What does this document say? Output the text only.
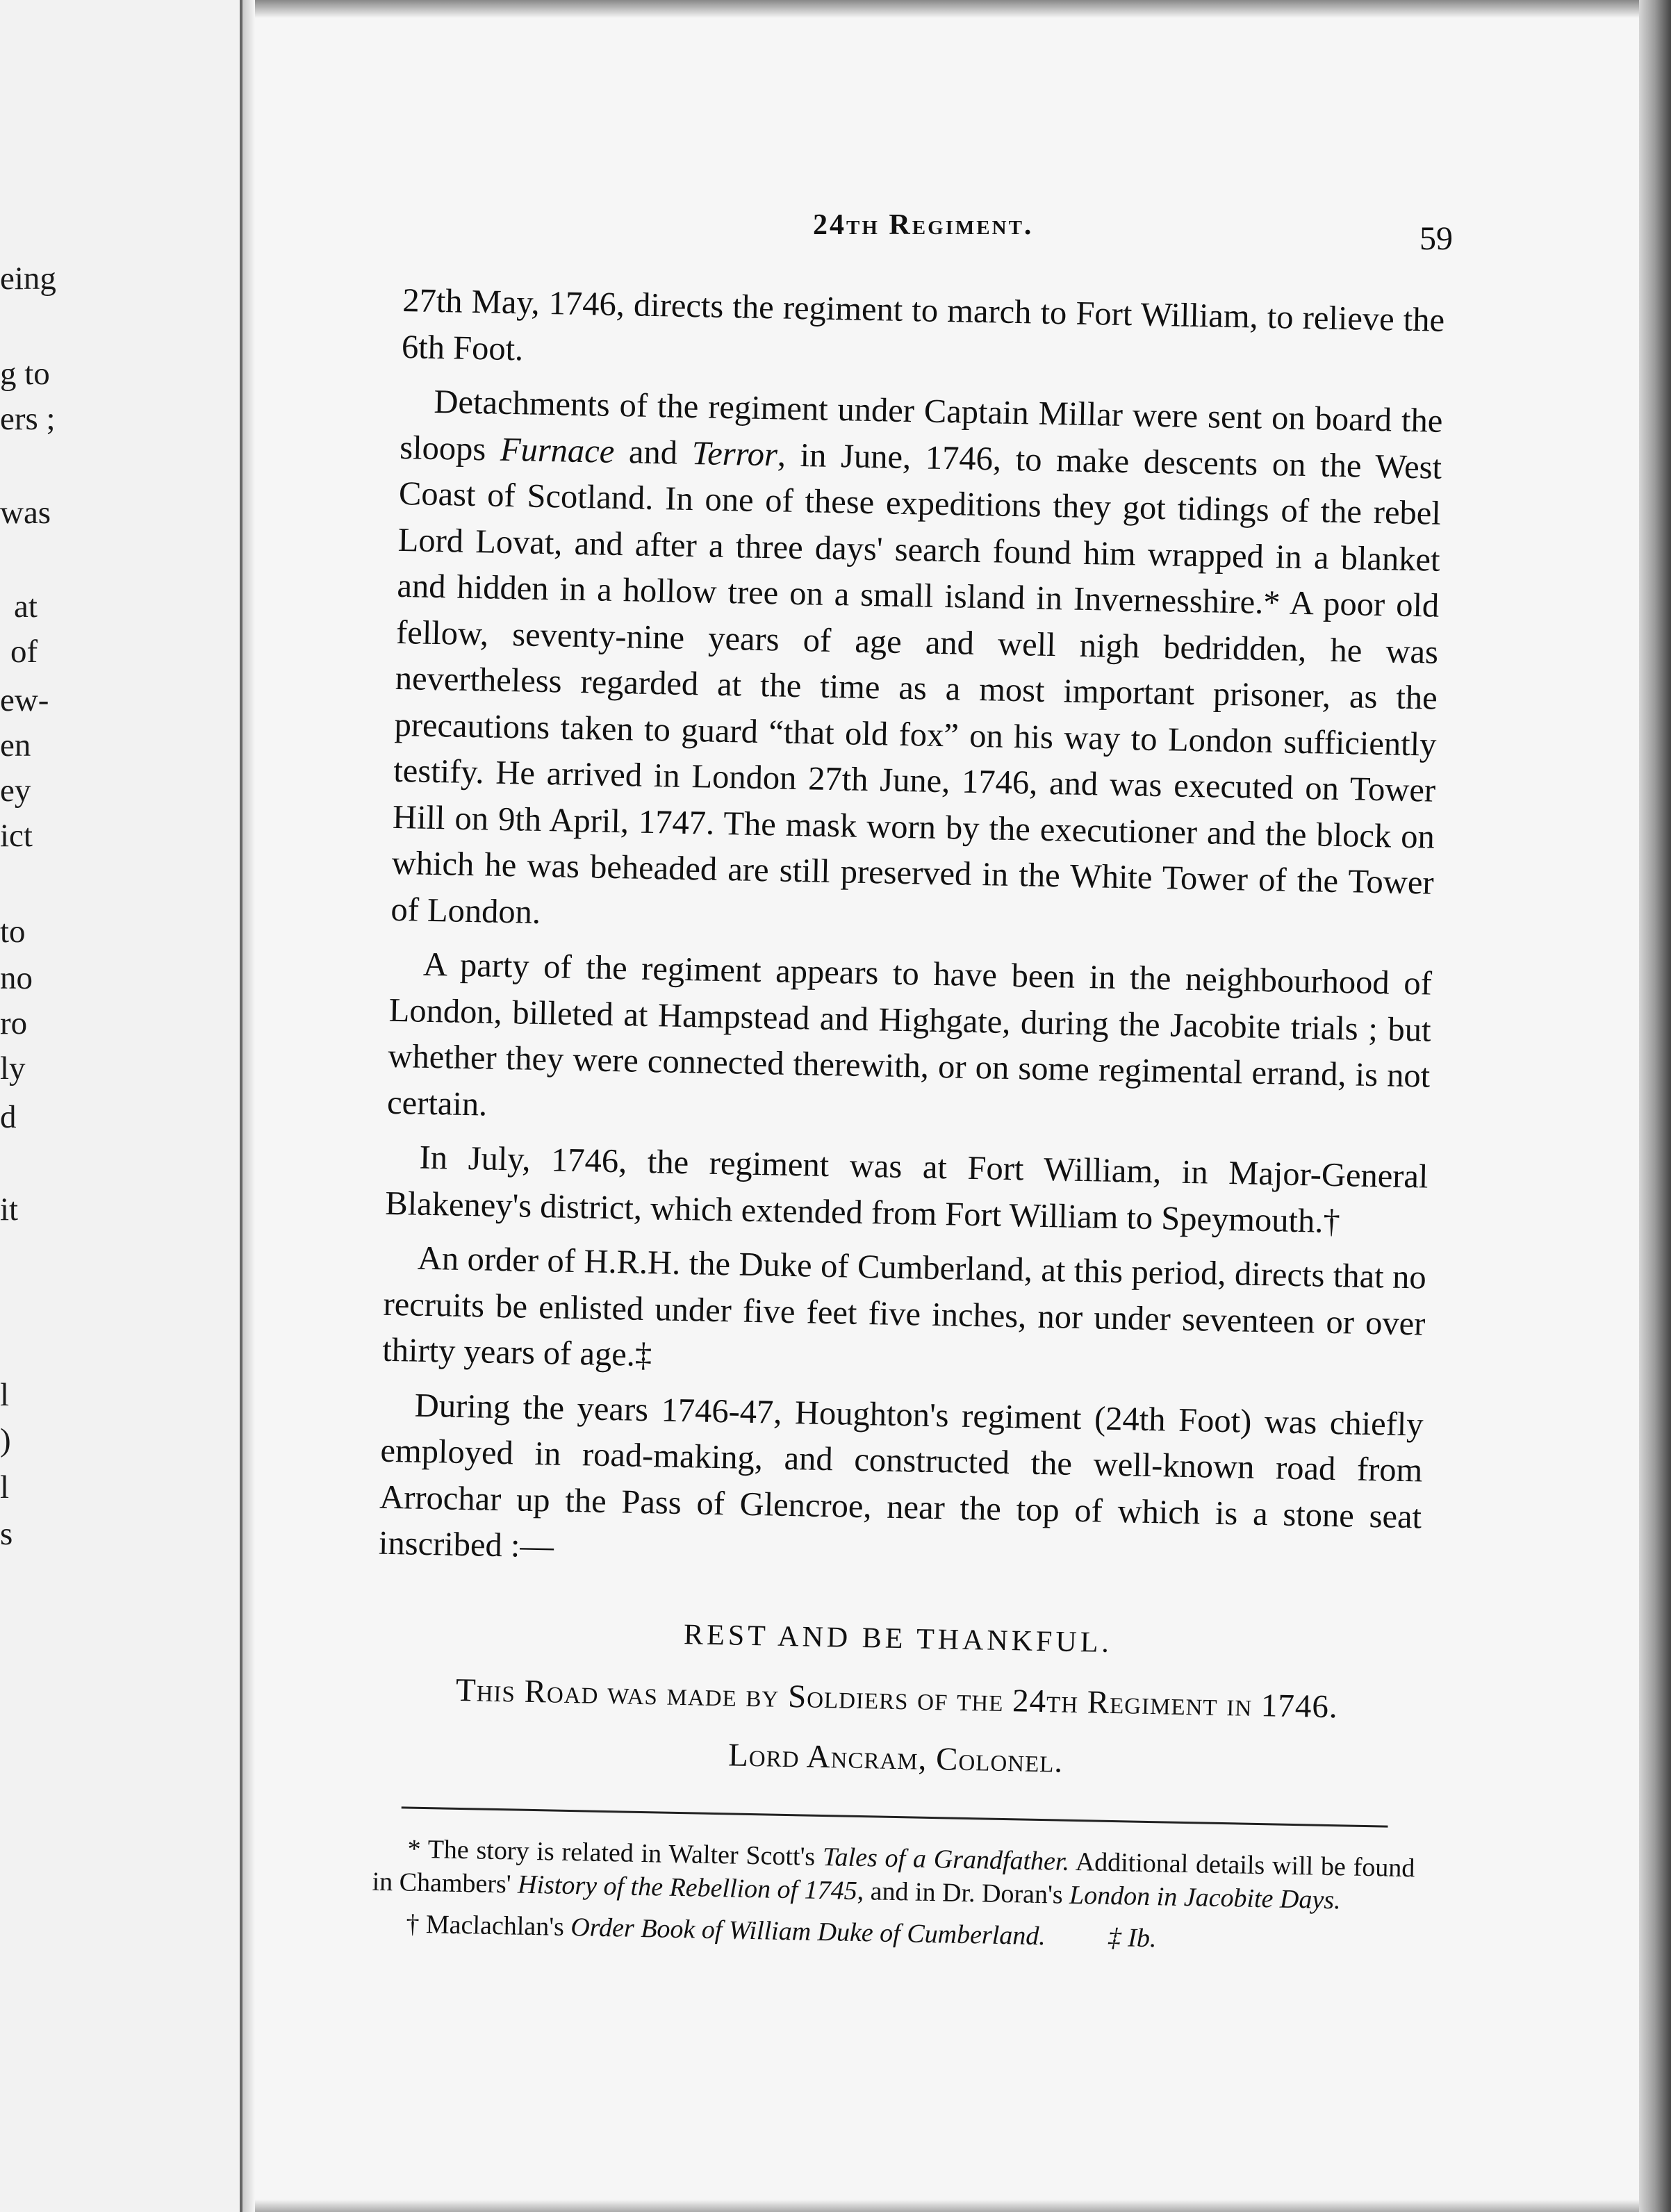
eing
g to
ers ;
was
at
of
ew-
en
ey
ict
to
no
ro
ly
d
it
l
)
l
s
24th Regiment.	59

27th May, 1746, directs the regiment to march to Fort William, to relieve the 6th Foot.

Detachments of the regiment under Captain Millar were sent on board the sloops Furnace and Terror, in June, 1746, to make descents on the West Coast of Scotland. In one of these expeditions they got tidings of the rebel Lord Lovat, and after a three days' search found him wrapped in a blanket and hidden in a hollow tree on a small island in Invernesshire.* A poor old fellow, seventy-nine years of age and well nigh bedridden, he was nevertheless regarded at the time as a most important prisoner, as the precautions taken to guard “that old fox” on his way to London sufficiently testify. He arrived in London 27th June, 1746, and was executed on Tower Hill on 9th April, 1747. The mask worn by the executioner and the block on which he was beheaded are still preserved in the White Tower of the Tower of London.

A party of the regiment appears to have been in the neighbourhood of London, billeted at Hampstead and Highgate, during the Jacobite trials ; but whether they were connected therewith, or on some regimental errand, is not certain.

In July, 1746, the regiment was at Fort William, in Major-General Blakeney's district, which extended from Fort William to Speymouth.†

An order of H.R.H. the Duke of Cumberland, at this period, directs that no recruits be enlisted under five feet five inches, nor under seventeen or over thirty years of age.‡

During the years 1746-47, Houghton's regiment (24th Foot) was chiefly employed in road-making, and constructed the well-known road from Arrochar up the Pass of Glencroe, near the top of which is a stone seat inscribed :—

REST AND BE THANKFUL.
This Road was made by Soldiers of the 24th Regiment in 1746.
Lord Ancram, Colonel.

* The story is related in Walter Scott's Tales of a Grandfather. Additional details will be found in Chambers' History of the Rebellion of 1745, and in Dr. Doran's London in Jacobite Days.

† Maclachlan's Order Book of William Duke of Cumberland. ‡ Ib.
